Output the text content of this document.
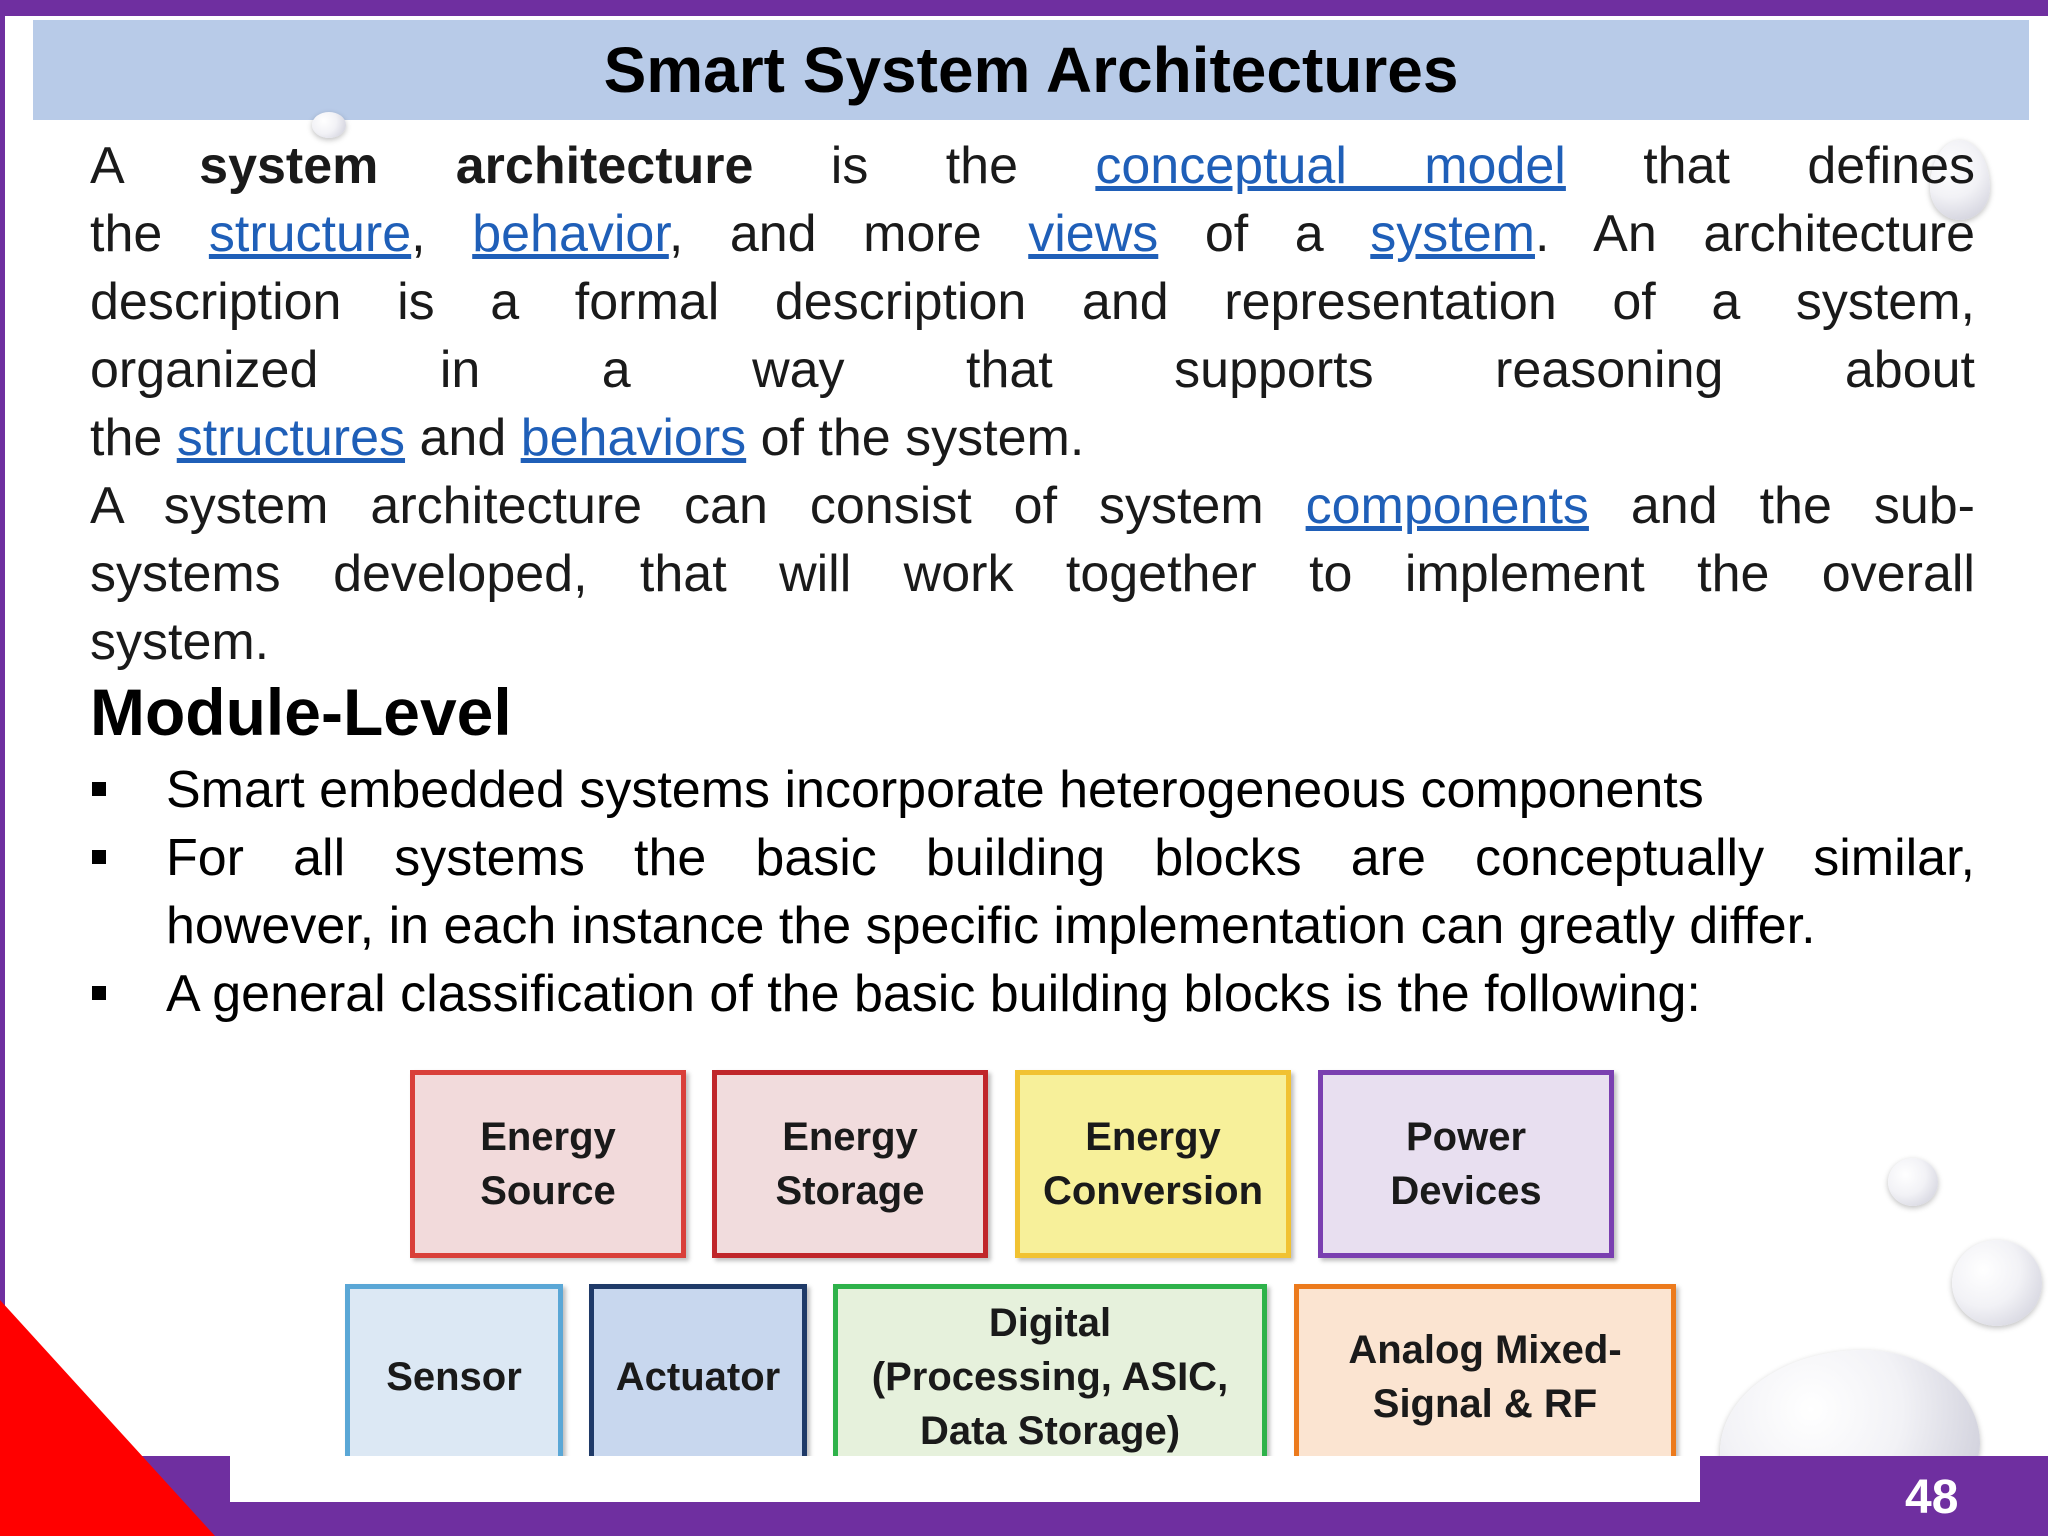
Smart System Architectures
A system architecture is the conceptual model that defines
the structure, behavior, and more views of a system. An architecture
description is a formal description and representation of a system,
organized in a way that supports reasoning about
the structures and behaviors of the system.
A system architecture can consist of system components and the sub-
systems developed, that will work together to implement the overall
system.
Module-Level
Smart embedded systems incorporate heterogeneous components
For all systems the basic building blocks are conceptually similar,
however, in each instance the specific implementation can greatly differ.
A general classification of the basic building blocks is the following:
Energy
Source
Energy
Storage
Energy
Conversion
Power
Devices
Sensor	Actuator
Digital
(Processing, ASIC,
Data Storage)
Analog Mixed-
Signal & RF
48
